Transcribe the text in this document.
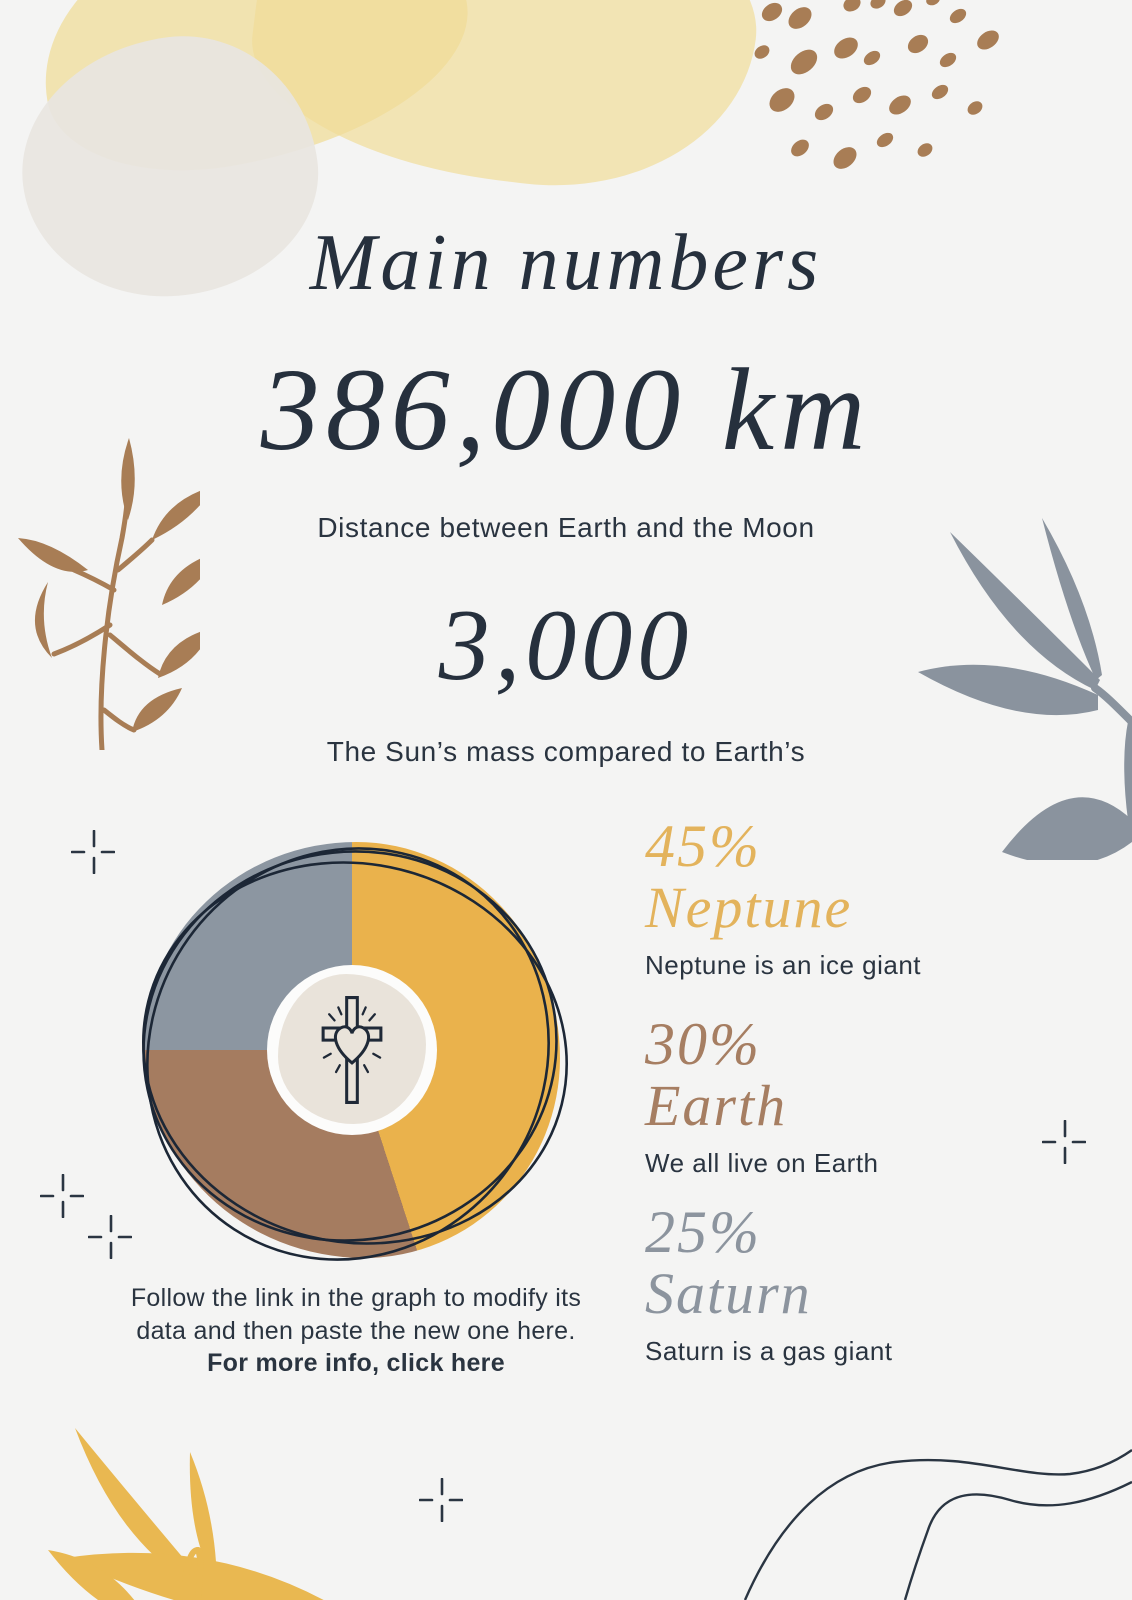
Main numbers
386,000 km
Distance between Earth and the Moon
3,000
The Sun’s mass compared to Earth’s
45%
Neptune
Neptune is an ice giant
30%
Earth
We all live on Earth
25%
Saturn
Saturn is a gas giant
Follow the link in the graph to modify its data and then paste the new one here.
For more info, click here
